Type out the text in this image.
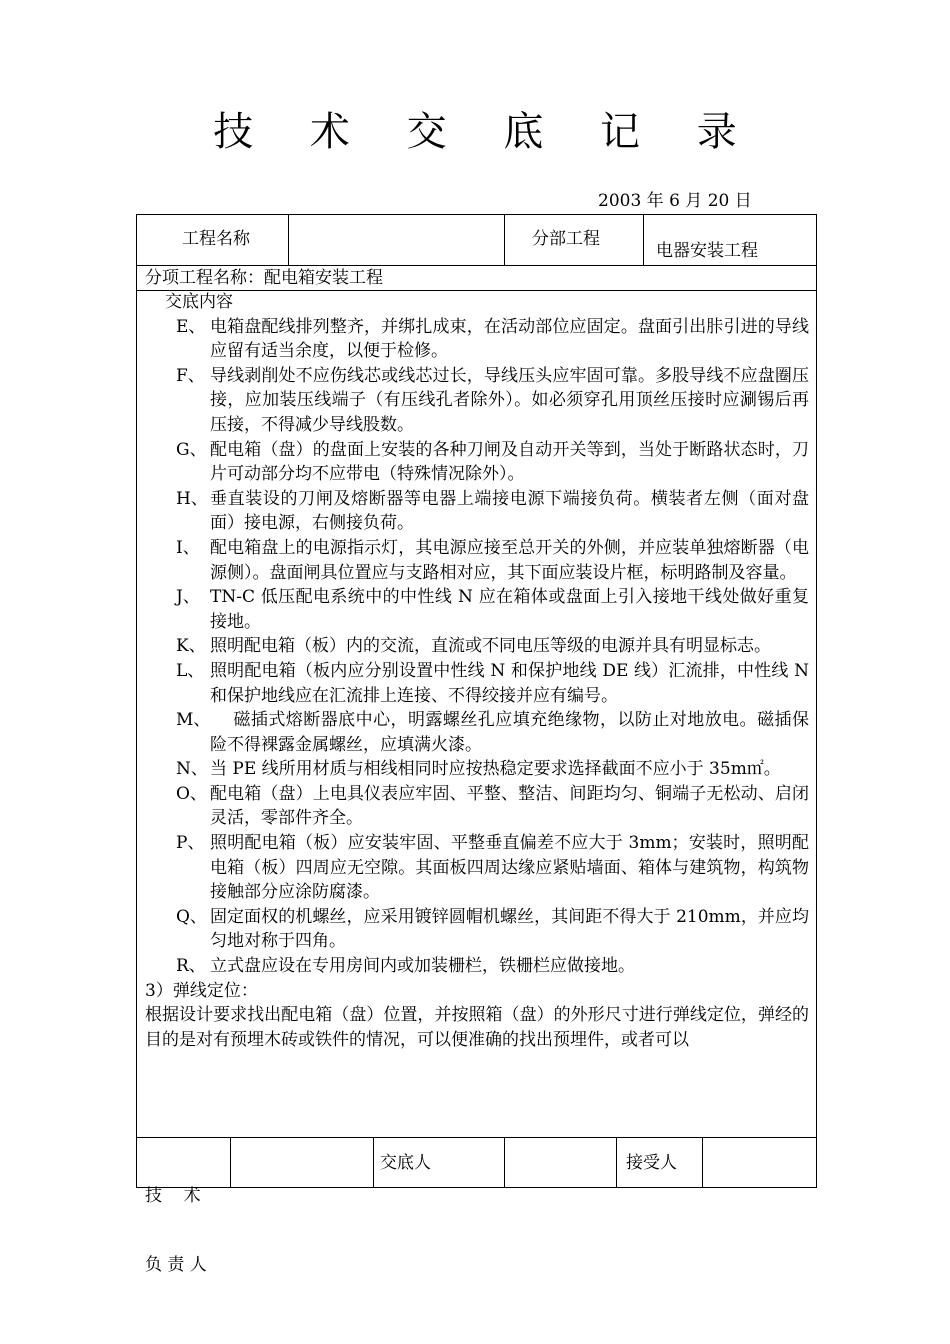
技 术 交 底 记 录
2003 年 6 月 20 日
工程名称	分部工程
电器安装工程
分项工程名称：配电箱安装工程
交底内容
E、 电箱盘配线排列整齐，并绑扎成束，在活动部位应固定。盘面引出胩引进的导线应留有适当余度，以便于检修。
F、 导线剥削处不应伤线芯或线芯过长，导线压头应牢固可靠。多股导线不应盘圈压接，应加装压线端子（有压线孔者除外）。如必须穿孔用顶丝压接时应涮锡后再压接，不得减少导线股数。
G、 配电箱（盘）的盘面上安装的各种刀闸及自动开关等到，当处于断路状态时，刀片可动部分均不应带电（特殊情况除外）。
H、 垂直装设的刀闸及熔断器等电器上端接电源下端接负荷。横装者左侧（面对盘面）接电源，右侧接负荷。
I、 配电箱盘上的电源指示灯，其电源应接至总开关的外侧，并应装单独熔断器（电源侧）。盘面闸具位置应与支路相对应，其下面应装设片框，标明路制及容量。
J、 TN-C 低压配电系统中的中性线 N 应在箱体或盘面上引入接地干线处做好重复接地。
K、 照明配电箱（板）内的交流，直流或不同电压等级的电源并具有明显标志。
L、 照明配电箱（板内应分别设置中性线 N 和保护地线 DE 线）汇流排，中性线 N 和保护地线应在汇流排上连接、不得绞接并应有编号。
M、 磁插式熔断器底中心，明露螺丝孔应填充绝缘物，以防止对地放电。磁插保险不得裸露金属螺丝，应填满火漆。
N、 当 PE 线所用材质与相线相同时应按热稳定要求选择截面不应小于 35m㎡。
O、 配电箱（盘）上电具仪表应牢固、平整、整洁、间距均匀、铜端子无松动、启闭灵活，零部件齐全。
P、 照明配电箱（板）应安装牢固、平整垂直偏差不应大于 3mm；安装时，照明配电箱（板）四周应无空隙。其面板四周达缘应紧贴墙面、箱体与建筑物，构筑物接触部分应涂防腐漆。
Q、 固定面权的机螺丝，应采用镀锌圆帽机螺丝，其间距不得大于 210mm，并应均匀地对称于四角。
R、 立式盘应设在专用房间内或加装栅栏，铁栅栏应做接地。
3）弹线定位：
根据设计要求找出配电箱（盘）位置，并按照箱（盘）的外形尺寸进行弹线定位，弹经的目的是对有预埋木砖或铁件的情况，可以便准确的找出预埋件，或者可以

技    术

负 责 人

交底人	接受人
